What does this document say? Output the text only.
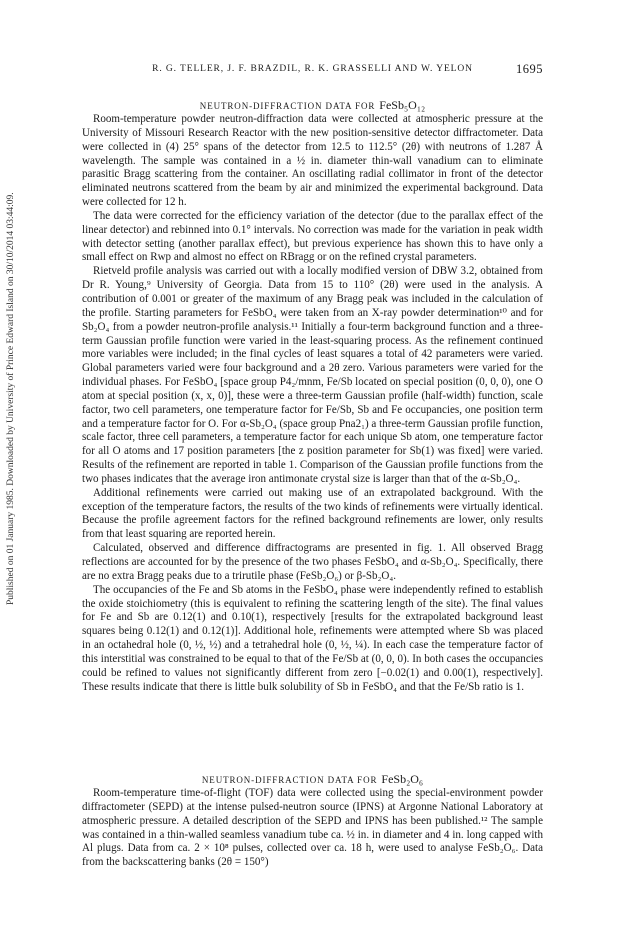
Published on 01 January 1985. Downloaded by University of Prince Edward Island on 30/10/2014 03:44:09.
R. G. TELLER, J. F. BRAZDIL, R. K. GRASSELLI AND W. YELON	1695
NEUTRON-DIFFRACTION DATA FOR FeSb₅O₁₂

Room-temperature powder neutron-diffraction data were collected at atmospheric pressure at the University of Missouri Research Reactor with the new position-sensitive detector diffractometer. Data were collected in (4) 25° spans of the detector from 12.5 to 112.5° (2θ) with neutrons of 1.287 Å wavelength. The sample was contained in a ½ in. diameter thin-wall vanadium can to eliminate parasitic Bragg scattering from the container. An oscillating radial collimator in front of the detector eliminated neutrons scattered from the beam by air and minimized the experimental background. Data were collected for 12 h.

The data were corrected for the efficiency variation of the detector (due to the parallax effect of the linear detector) and rebinned into 0.1° intervals. No correction was made for the variation in peak width with detector setting (another parallax effect), but previous experience has shown this to have only a small effect on Rwp and almost no effect on RBragg or on the refined crystal parameters.

Rietveld profile analysis was carried out with a locally modified version of DBW 3.2, obtained from Dr R. Young,⁹ University of Georgia. Data from 15 to 110° (2θ) were used in the analysis. A contribution of 0.001 or greater of the maximum of any Bragg peak was included in the calculation of the profile. Starting parameters for FeSbO₄ were taken from an X-ray powder determination¹⁰ and for Sb₂O₄ from a powder neutron-profile analysis.¹¹ Initially a four-term background function and a three-term Gaussian profile function were varied in the least-squaring process. As the refinement continued more variables were included; in the final cycles of least squares a total of 42 parameters were varied. Global parameters varied were four background and a 2θ zero. Various parameters were varied for the individual phases. For FeSbO₄ [space group P4₂/mnm, Fe/Sb located on special position (0, 0, 0), one O atom at special position (x, x, 0)], these were a three-term Gaussian profile (half-width) function, scale factor, two cell parameters, one temperature factor for Fe/Sb, Sb and Fe occupancies, one position term and a temperature factor for O. For α-Sb₂O₄ (space group Pna2₁) a three-term Gaussian profile function, scale factor, three cell parameters, a temperature factor for each unique Sb atom, one temperature factor for all O atoms and 17 position parameters [the z position parameter for Sb(1) was fixed] were varied. Results of the refinement are reported in table 1. Comparison of the Gaussian profile functions from the two phases indicates that the average iron antimonate crystal size is larger than that of the α-Sb₂O₄.

Additional refinements were carried out making use of an extrapolated background. With the exception of the temperature factors, the results of the two kinds of refinements were virtually identical. Because the profile agreement factors for the refined background refinements are lower, only results from that least squaring are reported herein.

Calculated, observed and difference diffractograms are presented in fig. 1. All observed Bragg reflections are accounted for by the presence of the two phases FeSbO₄ and α-Sb₂O₄. Specifically, there are no extra Bragg peaks due to a trirutile phase (FeSb₂O₆) or β-Sb₂O₄.

The occupancies of the Fe and Sb atoms in the FeSbO₄ phase were independently refined to establish the oxide stoichiometry (this is equivalent to refining the scattering length of the site). The final values for Fe and Sb are 0.12(1) and 0.10(1), respectively [results for the extrapolated background least squares being 0.12(1) and 0.12(1)]. Additional hole, refinements were attempted where Sb was placed in an octahedral hole (0, ½, ½) and a tetrahedral hole (0, ½, ¼). In each case the temperature factor of this interstitial was constrained to be equal to that of the Fe/Sb at (0, 0, 0). In both cases the occupancies could be refined to values not significantly different from zero [−0.02(1) and 0.00(1), respectively]. These results indicate that there is little bulk solubility of Sb in FeSbO₄ and that the Fe/Sb ratio is 1.

NEUTRON-DIFFRACTION DATA FOR FeSb₂O₆

Room-temperature time-of-flight (TOF) data were collected using the special-environment powder diffractometer (SEPD) at the intense pulsed-neutron source (IPNS) at Argonne National Laboratory at atmospheric pressure. A detailed description of the SEPD and IPNS has been published.¹² The sample was contained in a thin-walled seamless vanadium tube ca. ½ in. in diameter and 4 in. long capped with Al plugs. Data from ca. 2 × 10⁸ pulses, collected over ca. 18 h, were used to analyse FeSb₂O₆. Data from the backscattering banks (2θ = 150°)
